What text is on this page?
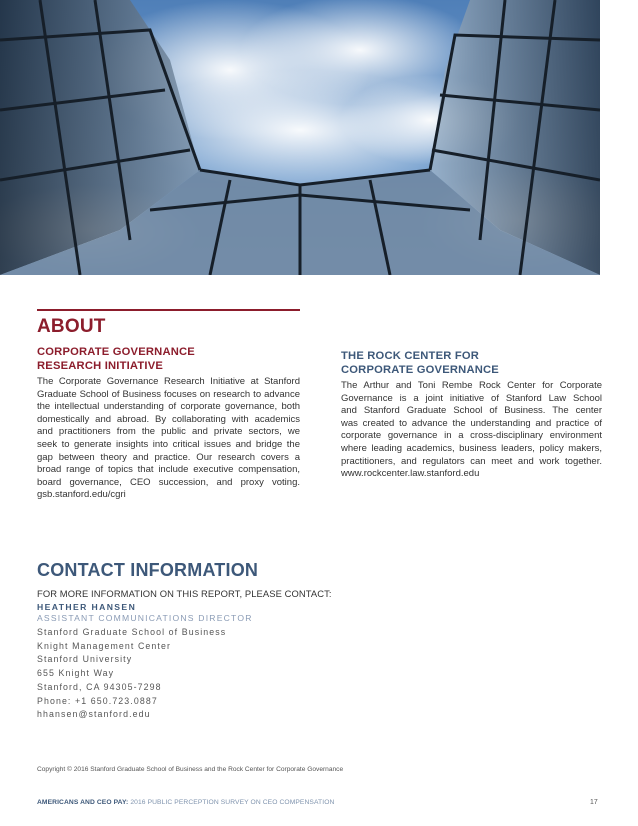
ABOUT
CORPORATE GOVERNANCE
RESEARCH INITIATIVE
The Corporate Governance Research Initiative at Stanford
Graduate School of Business focuses on research to advance
the intellectual understanding of corporate governance, both
domestically and abroad. By collaborating with academics
and practitioners from the public and private sectors, we
seek to generate insights into critical issues and bridge the
gap between theory and practice. Our research covers a
broad range of topics that include executive compensation,
board governance, CEO succession, and proxy voting.
gsb.stanford.edu/cgri
THE ROCK CENTER FOR
CORPORATE GOVERNANCE
The Arthur and Toni Rembe Rock Center for Corporate
Governance is a joint initiative of Stanford Law School
and Stanford Graduate School of Business. The center
was created to advance the understanding and practice of
corporate governance in a cross-disciplinary environment
where leading academics, business leaders, policy makers,
practitioners, and regulators can meet and work together.
www.rockcenter.law.stanford.edu
CONTACT INFORMATION
FOR MORE INFORMATION ON THIS REPORT, PLEASE CONTACT:
HEATHER HANSEN
ASSISTANT COMMUNICATIONS DIRECTOR
Stanford Graduate School of Business
Knight Management Center
Stanford University
655 Knight Way
Stanford, CA 94305-7298
Phone: +1 650.723.0887
hhansen@stanford.edu
Copyright © 2016 Stanford Graduate School of Business and the Rock Center for Corporate Governance
AMERICANS AND CEO PAY: 2016 PUBLIC PERCEPTION SURVEY ON CEO COMPENSATION	17
